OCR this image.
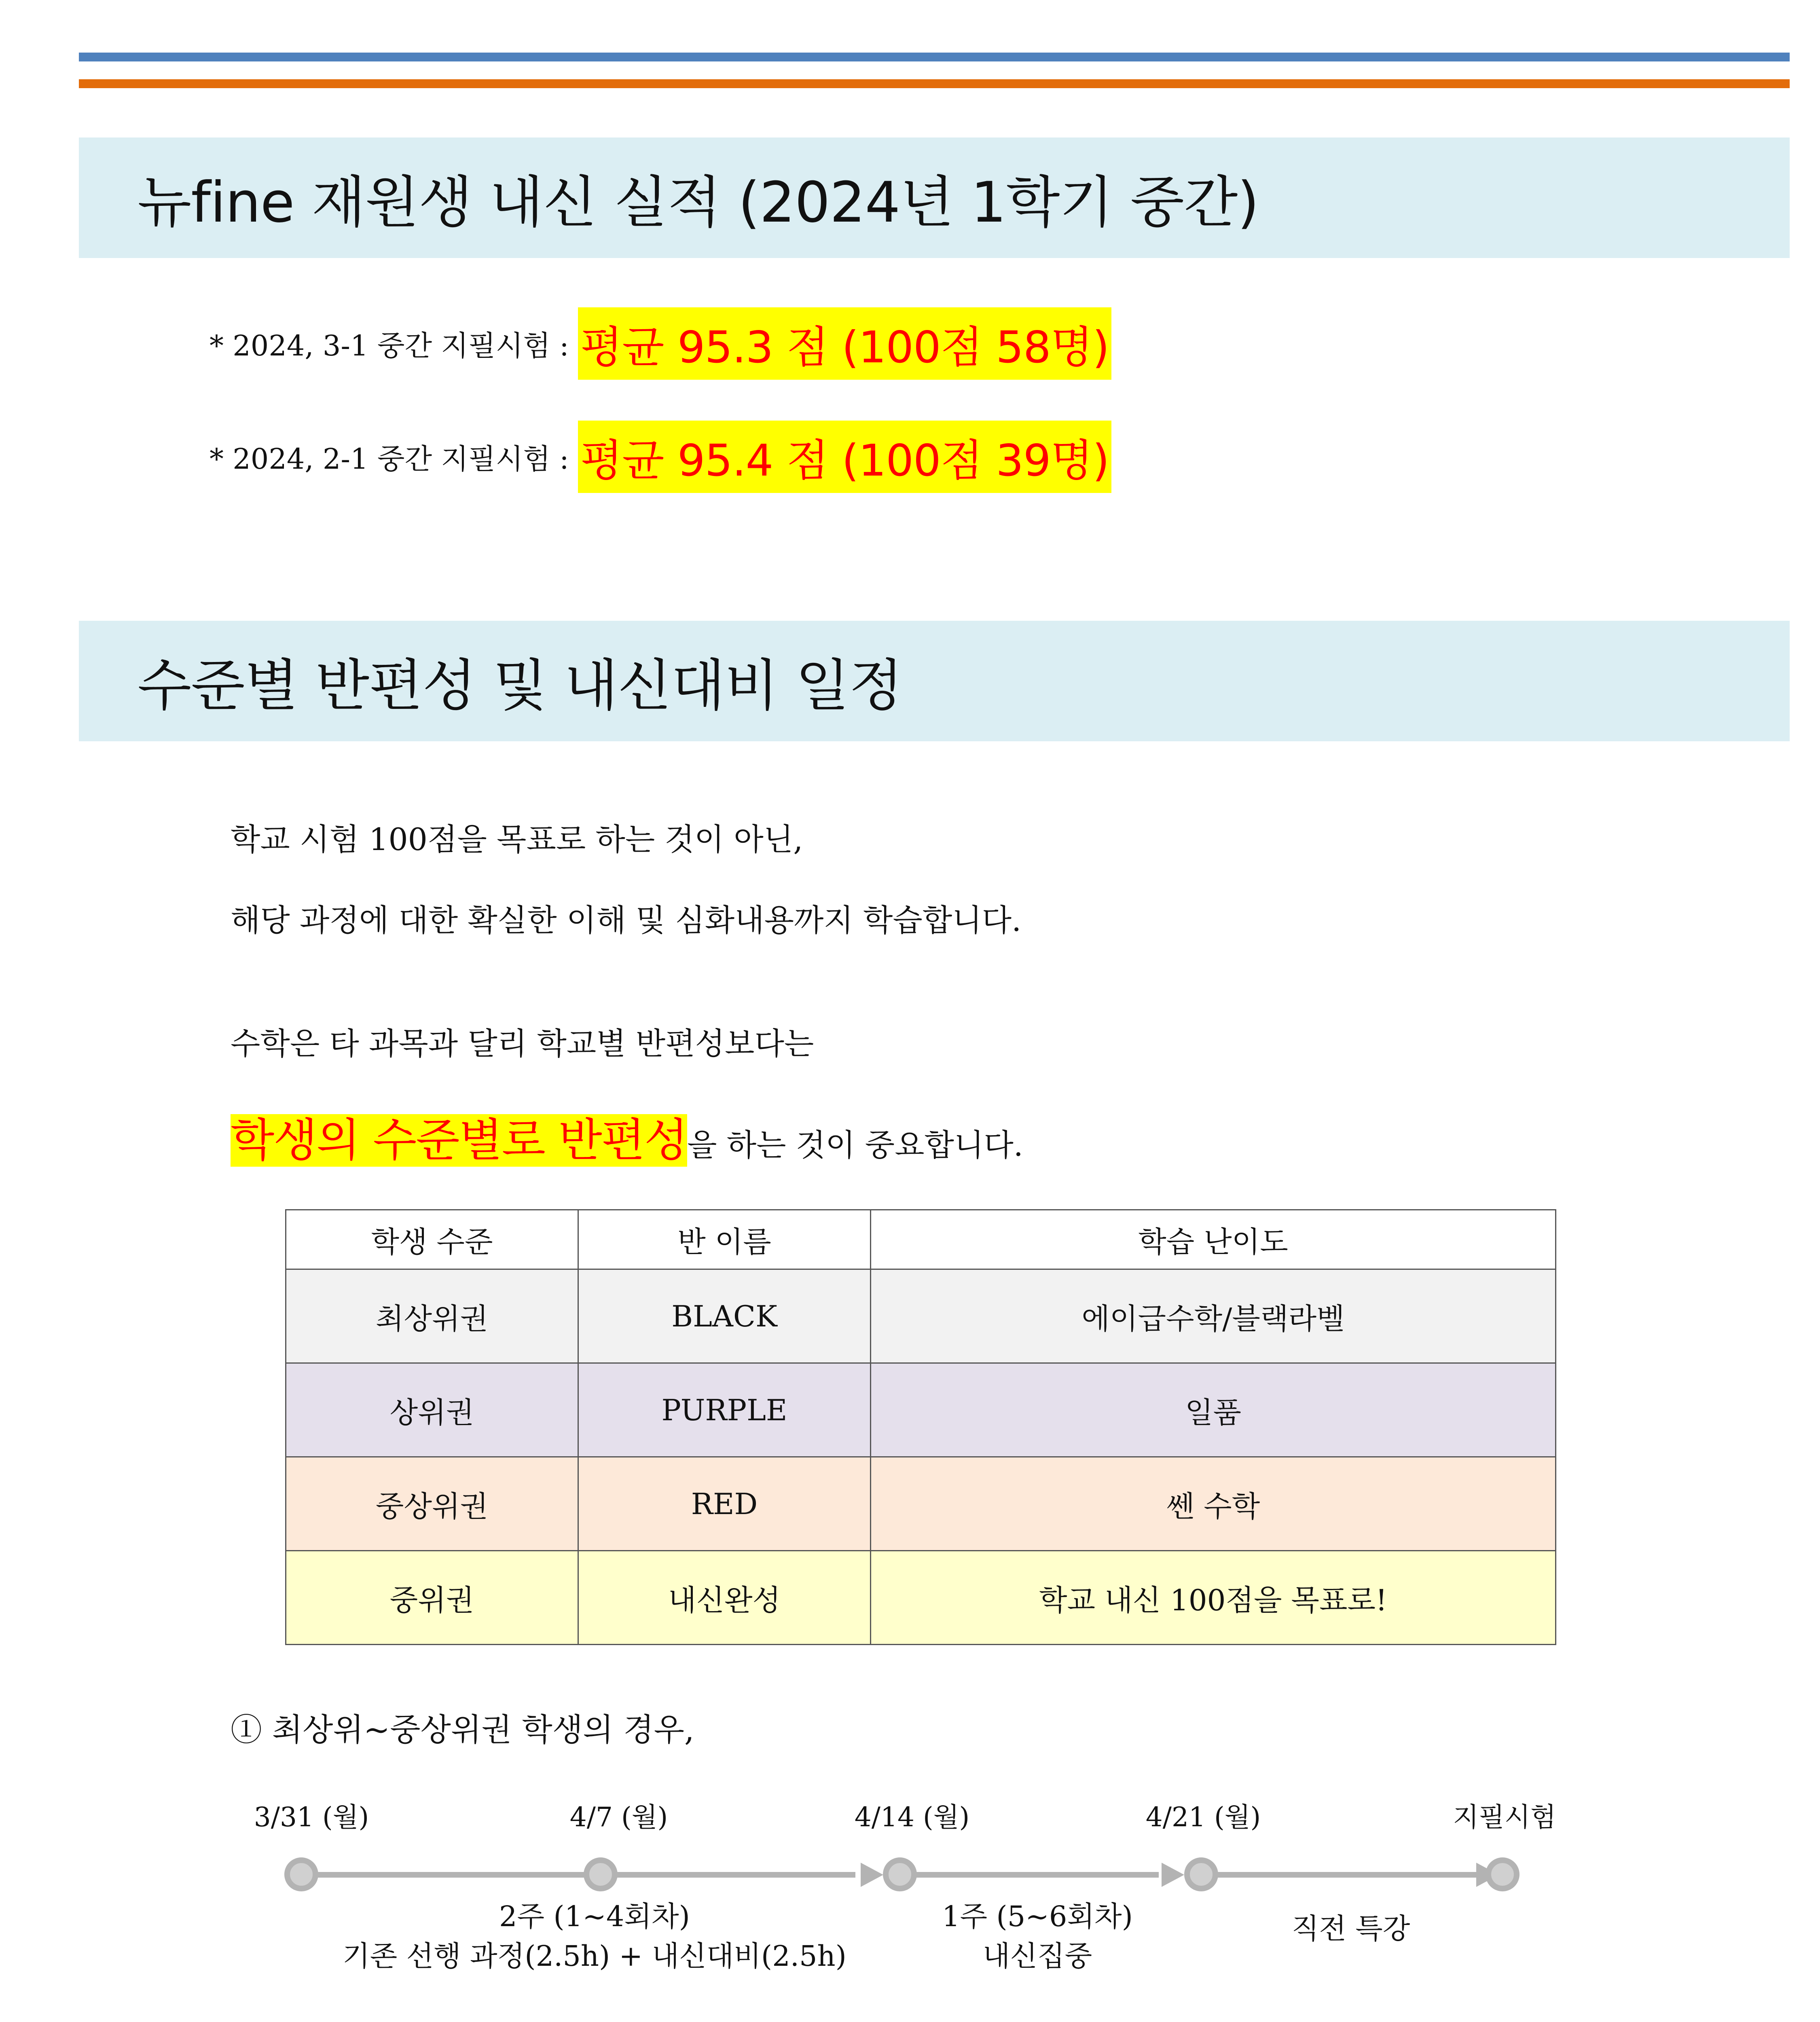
뉴fine 재원생 내신 실적 (2024년 1학기 중간)
* 2024, 3-1 중간 지필시험 : 평균 95.3 점 (100점 58명)
* 2024, 2-1 중간 지필시험 : 평균 95.4 점 (100점 39명)
수준별 반편성 및 내신대비 일정
학교 시험 100점을 목표로 하는 것이 아닌,
해당 과정에 대한 확실한 이해 및 심화내용까지 학습합니다.
수학은 타 과목과 달리 학교별 반편성보다는
학생의 수준별로 반편성을 하는 것이 중요합니다.
학생 수준	반 이름	학습 난이도
최상위권	BLACK	에이급수학/블랙라벨
상위권	PURPLE	일품
중상위권	RED	쎈 수학
중위권	내신완성	학교 내신 100점을 목표로!
① 최상위~중상위권 학생의 경우,
3/31 (월)	4/7 (월)	4/14 (월)	4/21 (월)	지필시험
2주 (1~4회차)
기존 선행 과정(2.5h) + 내신대비(2.5h)
1주 (5~6회차)
내신집중
직전 특강
